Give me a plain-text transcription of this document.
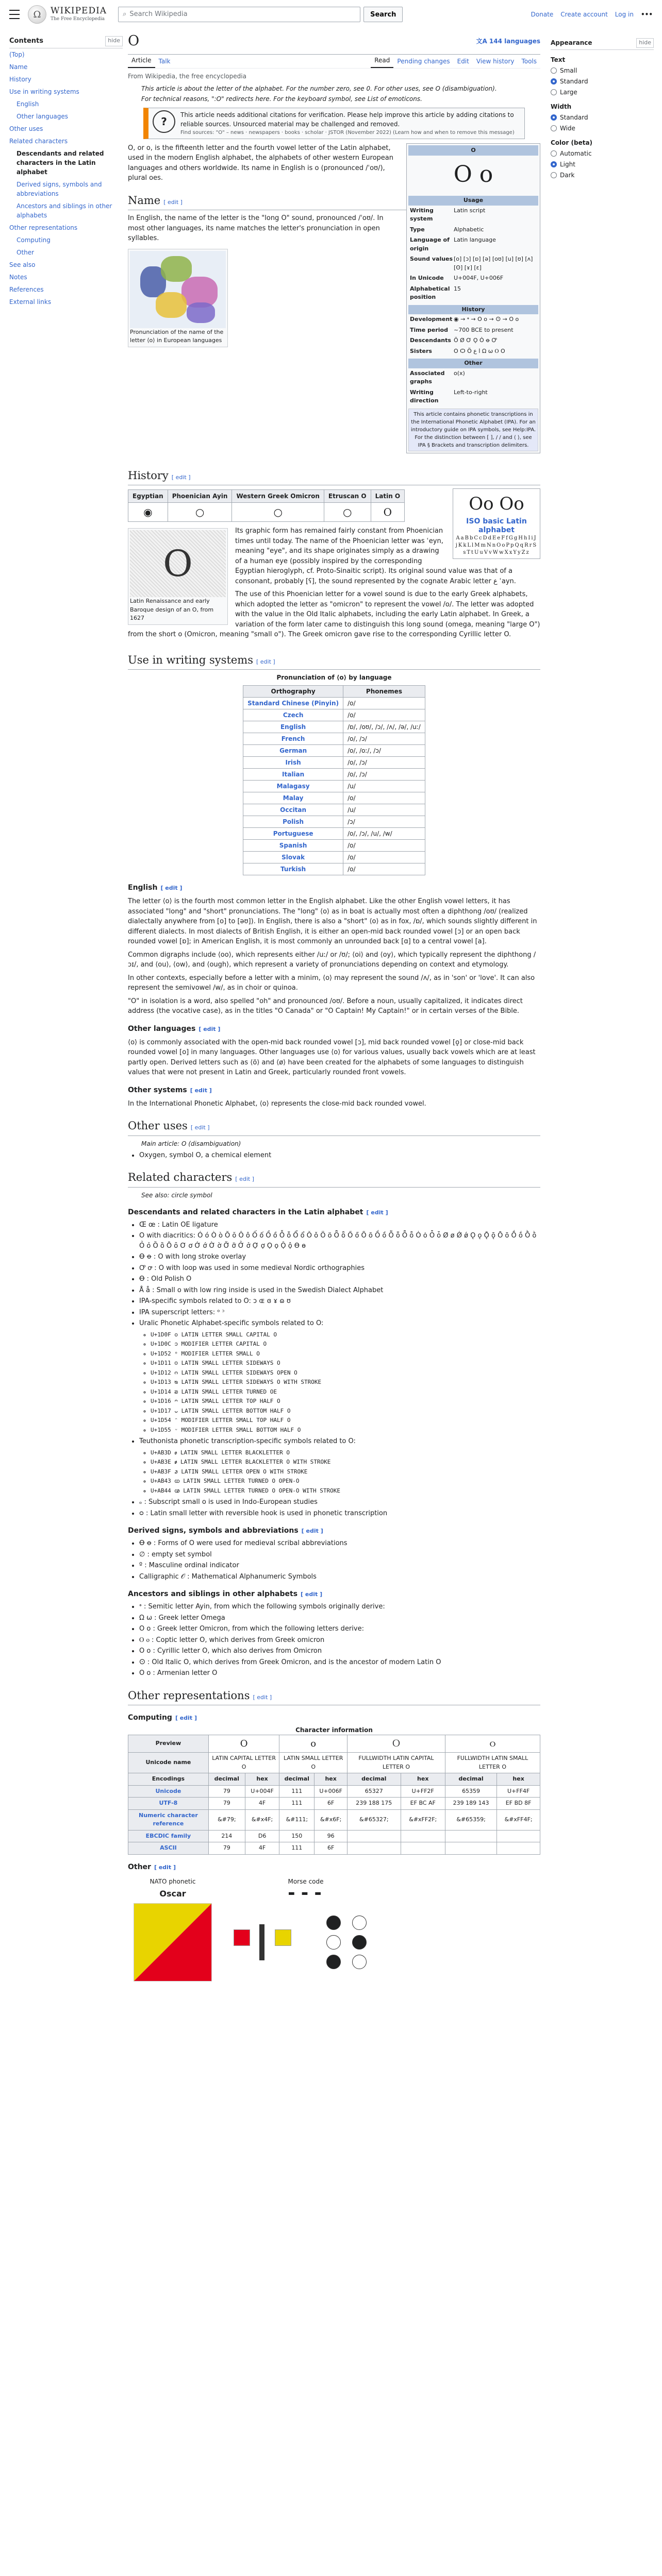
Ω	WIKIPEDIA
The Free Encyclopedia
⌕ Search Wikipedia	Search	Donate Create account Log in •••
Contents	hide
(Top)
Name
History
Use in writing systems
English
Other languages
Other uses
Related characters
Descendants and related characters in the Latin alphabet
Derived signs, symbols and abbreviations
Ancestors and siblings in other alphabets
Other representations
Computing
Other
See also
Notes
References
External links
O	文A 144 languages
Article	Talk	Read	Pending changes	Edit	View history	Tools
From Wikipedia, the free encyclopedia
This article is about the letter of the alphabet. For the number zero, see 0. For other uses, see O (disambiguation).
For technical reasons, ":O" redirects here. For the keyboard symbol, see List of emoticons.
?
This article needs additional citations for verification. Please help improve this article by adding citations to reliable sources. Unsourced material may be challenged and removed.
Find sources: "O" – news · newspapers · books · scholar · JSTOR (November 2022) (Learn how and when to remove this message)
O
O o
Usage
Writing system
Latin script
Type	Alphabetic
Language of origin
Latin language
Sound values [o] [ɔ] [ɒ] [ə] [oʊ] [u] [ʊ] [ʌ] [ʘ] [ɤ] [ɛ]
In Unicode	U+004F, U+006F
Alphabetical position
15
History
Development ◉ → 𐤏 → Ο ο → 𐌏 → O o
Time period	~700 BCE to present
Descendants Ö Ø Ơ Ǫ Ȯ ꝋ Ꝍ
Sisters	О Ѻ Ӧ ا ع Ω ω Ⲟ Օ
Other
Associated graphs
o(x)
Writing direction
Left-to-right
This article contains phonetic transcriptions in the International Phonetic Alphabet (IPA). For an introductory guide on IPA symbols, see Help:IPA. For the distinction between [ ], / / and ⟨ ⟩, see IPA § Brackets and transcription delimiters.

O, or o, is the fifteenth letter and the fourth vowel letter of the Latin alphabet, used in the modern English alphabet, the alphabets of other western European languages and others worldwide. Its name in English is o (pronounced /ˈoʊ/), plural oes.

Name [ edit ]

In English, the name of the letter is the "long O" sound, pronounced /ˈoʊ/. In most other languages, its name matches the letter's pronunciation in open syllables.

Pronunciation of the name of the letter ⟨o⟩ in European languages
History [ edit ]
Oo Oo
ISO basic Latin alphabet
AaBbCcDdEeFfGgHhIiJjKkLlMmNnOoPpQqRrSsTtUuVvWwXxYyZz
Egyptian	Phoenician Ayin	Western Greek Omicron	Etruscan O	Latin O
◉	○	○	○	O
O
Latin Renaissance and early Baroque design of an O, from 1627

Its graphic form has remained fairly constant from Phoenician times until today. The name of the Phoenician letter was ʿeyn, meaning "eye", and its shape originates simply as a drawing of a human eye (possibly inspired by the corresponding Egyptian hieroglyph, cf. Proto-Sinaitic script). Its original sound value was that of a consonant, probably [ʕ], the sound represented by the cognate Arabic letter ع ʿayn.

The use of this Phoenician letter for a vowel sound is due to the early Greek alphabets, which adopted the letter as "omicron" to represent the vowel /o/. The letter was adopted with the value in the Old Italic alphabets, including the early Latin alphabet. In Greek, a variation of the form later came to distinguish this long sound (omega, meaning "large O") from the short o (Omicron, meaning "small o"). The Greek omicron gave rise to the corresponding Cyrillic letter O.

Use in writing systems [ edit ]
Pronunciation of ⟨o⟩ by language
Orthography	Phonemes
Standard Chinese (Pinyin)	/o/
Czech	/o/
English	/ɒ/, /oʊ/, /ɔ/, /ʌ/, /ə/, /uː/
French	/o/, /ɔ/
German	/o/, /oː/, /ɔ/
Irish	/o/, /ɔ/
Italian	/o/, /ɔ/
Malagasy	/u/
Malay	/o/
Occitan	/u/
Polish	/ɔ/
Portuguese	/o/, /ɔ/, /u/, /w/
Spanish	/o/
Slovak	/o/
Turkish	/o/
English [ edit ]

The letter ⟨o⟩ is the fourth most common letter in the English alphabet. Like the other English vowel letters, it has associated "long" and "short" pronunciations. The "long" ⟨o⟩ as in boat is actually most often a diphthong /oʊ/ (realized dialectally anywhere from [o] to [əʊ]). In English, there is also a "short" ⟨o⟩ as in fox, /ɒ/, which sounds slightly different in different dialects. In most dialects of British English, it is either an open-mid back rounded vowel [ɔ] or an open back rounded vowel [ɒ]; in American English, it is most commonly an unrounded back [ɑ] to a central vowel [a].

Common digraphs include ⟨oo⟩, which represents either /uː/ or /ʊ/; ⟨oi⟩ and ⟨oy⟩, which typically represent the diphthong /ɔɪ/, and ⟨ou⟩, ⟨ow⟩, and ⟨ough⟩, which represent a variety of pronunciations depending on context and etymology.

In other contexts, especially before a letter with a minim, ⟨o⟩ may represent the sound /ʌ/, as in 'son' or 'love'. It can also represent the semivowel /w/, as in choir or quinoa.

"O" in isolation is a word, also spelled "oh" and pronounced /oʊ/. Before a noun, usually capitalized, it indicates direct address (the vocative case), as in the titles "O Canada" or "O Captain! My Captain!" or in certain verses of the Bible.

Other languages [ edit ]

⟨o⟩ is commonly associated with the open-mid back rounded vowel [ɔ], mid back rounded vowel [o̞] or close-mid back rounded vowel [o] in many languages. Other languages use ⟨o⟩ for various values, usually back vowels which are at least partly open. Derived letters such as ⟨ö⟩ and ⟨ø⟩ have been created for the alphabets of some languages to distinguish values that were not present in Latin and Greek, particularly rounded front vowels.

Other systems [ edit ]

In the International Phonetic Alphabet, ⟨o⟩ represents the close-mid back rounded vowel.

Other uses [ edit ]
Main article: O (disambiguation)
• Oxygen, symbol O, a chemical element
Related characters [ edit ]
See also: circle symbol
Descendants and related characters in the Latin alphabet [ edit ]
• Œ œ : Latin OE ligature
• O with diacritics: Ó ó Ò ò Ŏ ŏ Ô ô Ố ố Ồ ồ Ỗ ỗ Ổ ổ Ǒ ǒ Ö ö Ȫ ȫ Ő ő Õ õ Ṍ ṍ Ṏ ṏ Ȭ ȭ Ȯ ȯ Ȱ ȱ Ø ø Ǿ ǿ Ǫ ǫ Ǭ ǭ Ō ō Ṓ ṓ Ṑ ṑ Ỏ ỏ Ȍ ȍ Ȏ ȏ Ơ ơ Ớ ớ Ờ ờ Ỡ ỡ Ở ở Ợ ợ Ọ ọ Ộ ộ Ɵ ɵ
• Ꝋ ꝋ : O with long stroke overlay
• Ꝍ ꝍ : O with loop was used in some medieval Nordic orthographies
• Ꝋ : Old Polish O
• Å å : Small o with low ring inside is used in the Swedish Dialect Alphabet
• IPA-specific symbols related to O: ɔ ɶ ɞ ɤ ɷ ʊ
• IPA superscript letters: ᵒ ᵓ
• Uralic Phonetic Alphabet-specific symbols related to O:
◦ U+1D0F ᴏ LATIN LETTER SMALL CAPITAL O
◦ U+1D0C ᴐ MODIFIER LETTER CAPITAL O
◦ U+1D52 ᵒ MODIFIER LETTER SMALL O
◦ U+1D11 ᴑ LATIN SMALL LETTER SIDEWAYS O
◦ U+1D12 ᴒ LATIN SMALL LETTER SIDEWAYS OPEN O
◦ U+1D13 ᴓ LATIN SMALL LETTER SIDEWAYS O WITH STROKE
◦ U+1D14 ᴔ LATIN SMALL LETTER TURNED OE
◦ U+1D16 ᴖ LATIN SMALL LETTER TOP HALF O
◦ U+1D17 ᴗ LATIN SMALL LETTER BOTTOM HALF O
◦ U+1D54 ᵔ MODIFIER LETTER SMALL TOP HALF O
◦ U+1D55 ᵕ MODIFIER LETTER SMALL BOTTOM HALF O
• Teuthonista phonetic transcription-specific symbols related to O:
◦ U+AB3D ꬽ LATIN SMALL LETTER BLACKLETTER O
◦ U+AB3E ꬾ LATIN SMALL LETTER BLACKLETTER O WITH STROKE
◦ U+AB3F ꬿ LATIN SMALL LETTER OPEN O WITH STROKE
◦ U+AB43 ꭃ LATIN SMALL LETTER TURNED O OPEN-O
◦ U+AB44 ꭄ LATIN SMALL LETTER TURNED O OPEN-O WITH STROKE
• ₒ : Subscript small o is used in Indo-European studies
• ᴑ : Latin small letter with reversible hook is used in phonetic transcription
Derived signs, symbols and abbreviations [ edit ]
• Ꝋ ꝋ : Forms of O were used for medieval scribal abbreviations
• ∅ : empty set symbol
• º : Masculine ordinal indicator
• Calligraphic 𝒪 : Mathematical Alphanumeric Symbols
Ancestors and siblings in other alphabets [ edit ]
• 𐤏 : Semitic letter Ayin, from which the following symbols originally derive:
• Ω ω : Greek letter Omega
• Ο ο : Greek letter Omicron, from which the following letters derive:
• Ⲟ ⲟ : Coptic letter O, which derives from Greek omicron
• О о : Cyrillic letter O, which also derives from Omicron
• 𐌏 : Old Italic O, which derives from Greek Omicron, and is the ancestor of modern Latin O
• Օ օ : Armenian letter O
Other representations [ edit ]
Computing [ edit ]
Character information
Preview	O		o		Ｏ		ｏ	
Unicode name	LATIN CAPITAL LETTER O		LATIN SMALL LETTER O		FULLWIDTH LATIN CAPITAL LETTER O		FULLWIDTH LATIN SMALL LETTER O	
Encodings	decimal	hex	decimal	hex	decimal	hex	decimal	hex
Unicode	79	U+004F	111	U+006F	65327	U+FF2F	65359	U+FF4F
UTF-8	79	4F	111	6F	239 188 175	EF BC AF	239 189 143	EF BD 8F
Numeric character reference	&#79;	&#x4F;	&#111;	&#x6F;	&#65327;	&#xFF2F;	&#65359;	&#xFF4F;
EBCDIC family	214	D6	150	96				
ASCII	79	4F	111	6F				
Other [ edit ]
NATO phonetic	Morse code
Oscar	▬ ▬ ▬

Appearance	hide
Text
Small
Standard
Large
Width
Standard
Wide
Color (beta)
Automatic
Light
Dark
